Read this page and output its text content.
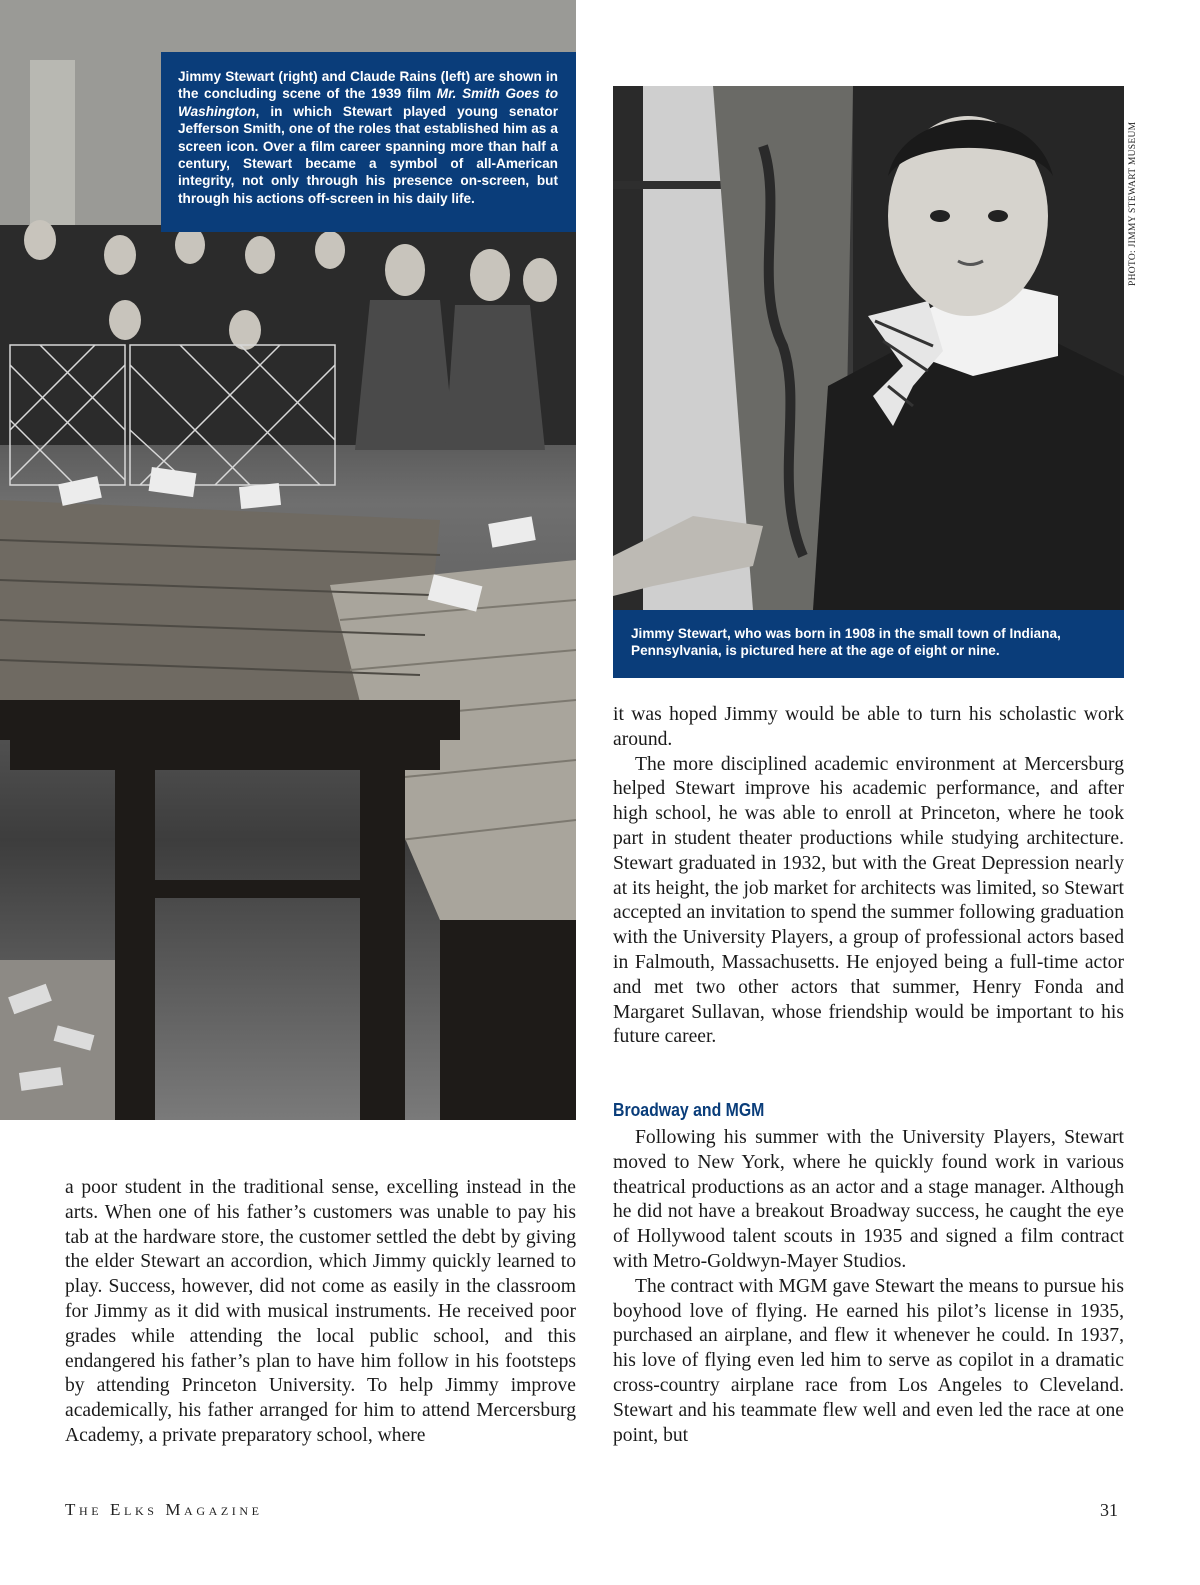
Jimmy Stewart (right) and Claude Rains (left) are shown in the concluding scene of the 1939 film Mr. Smith Goes to Washington, in which Stewart played young senator Jefferson Smith, one of the roles that established him as a screen icon. Over a film career spanning more than half a century, Stewart became a symbol of all-American integrity, not only through his presence on-screen, but through his actions off-screen in his daily life.	PHOTO: JIMMY STEWART MUSEUM
Jimmy Stewart, who was born in 1908 in the small town of Indiana, Pennsylvania, is pictured here at the age of eight or nine.

a poor student in the traditional sense, excelling instead in the arts. When one of his father’s customers was unable to pay his tab at the hardware store, the customer settled the debt by giving the elder Stewart an accordion, which Jimmy quickly learned to play. Success, however, did not come as easily in the classroom for Jimmy as it did with musical instruments. He received poor grades while attending the local public school, and this endangered his father’s plan to have him follow in his footsteps by attending Princeton University. To help Jimmy improve academically, his father arranged for him to attend Mercersburg Academy, a private preparatory school, where

it was hoped Jimmy would be able to turn his scholastic work around.

The more disciplined academic environment at Mercersburg helped Stewart improve his academic performance, and after high school, he was able to enroll at Princeton, where he took part in student theater productions while studying architecture. Stewart graduated in 1932, but with the Great Depression nearly at its height, the job market for architects was limited, so Stewart accepted an invitation to spend the summer following graduation with the University Players, a group of professional actors based in Falmouth, Massachusetts. He enjoyed being a full-time actor and met two other actors that summer, Henry Fonda and Margaret Sullavan, whose friendship would be important to his future career.

Broadway and MGM

Following his summer with the University Players, Stewart moved to New York, where he quickly found work in various theatrical productions as an actor and a stage manager. Although he did not have a breakout Broadway success, he caught the eye of Hollywood talent scouts in 1935 and signed a film contract with Metro-Goldwyn-Mayer Studios.

The contract with MGM gave Stewart the means to pursue his boyhood love of flying. He earned his pilot’s license in 1935, purchased an airplane, and flew it whenever he could. In 1937, his love of flying even led him to serve as copilot in a dramatic cross-country airplane race from Los Angeles to Cleveland. Stewart and his teammate flew well and even led the race at one point, but

The Elks Magazine	31
